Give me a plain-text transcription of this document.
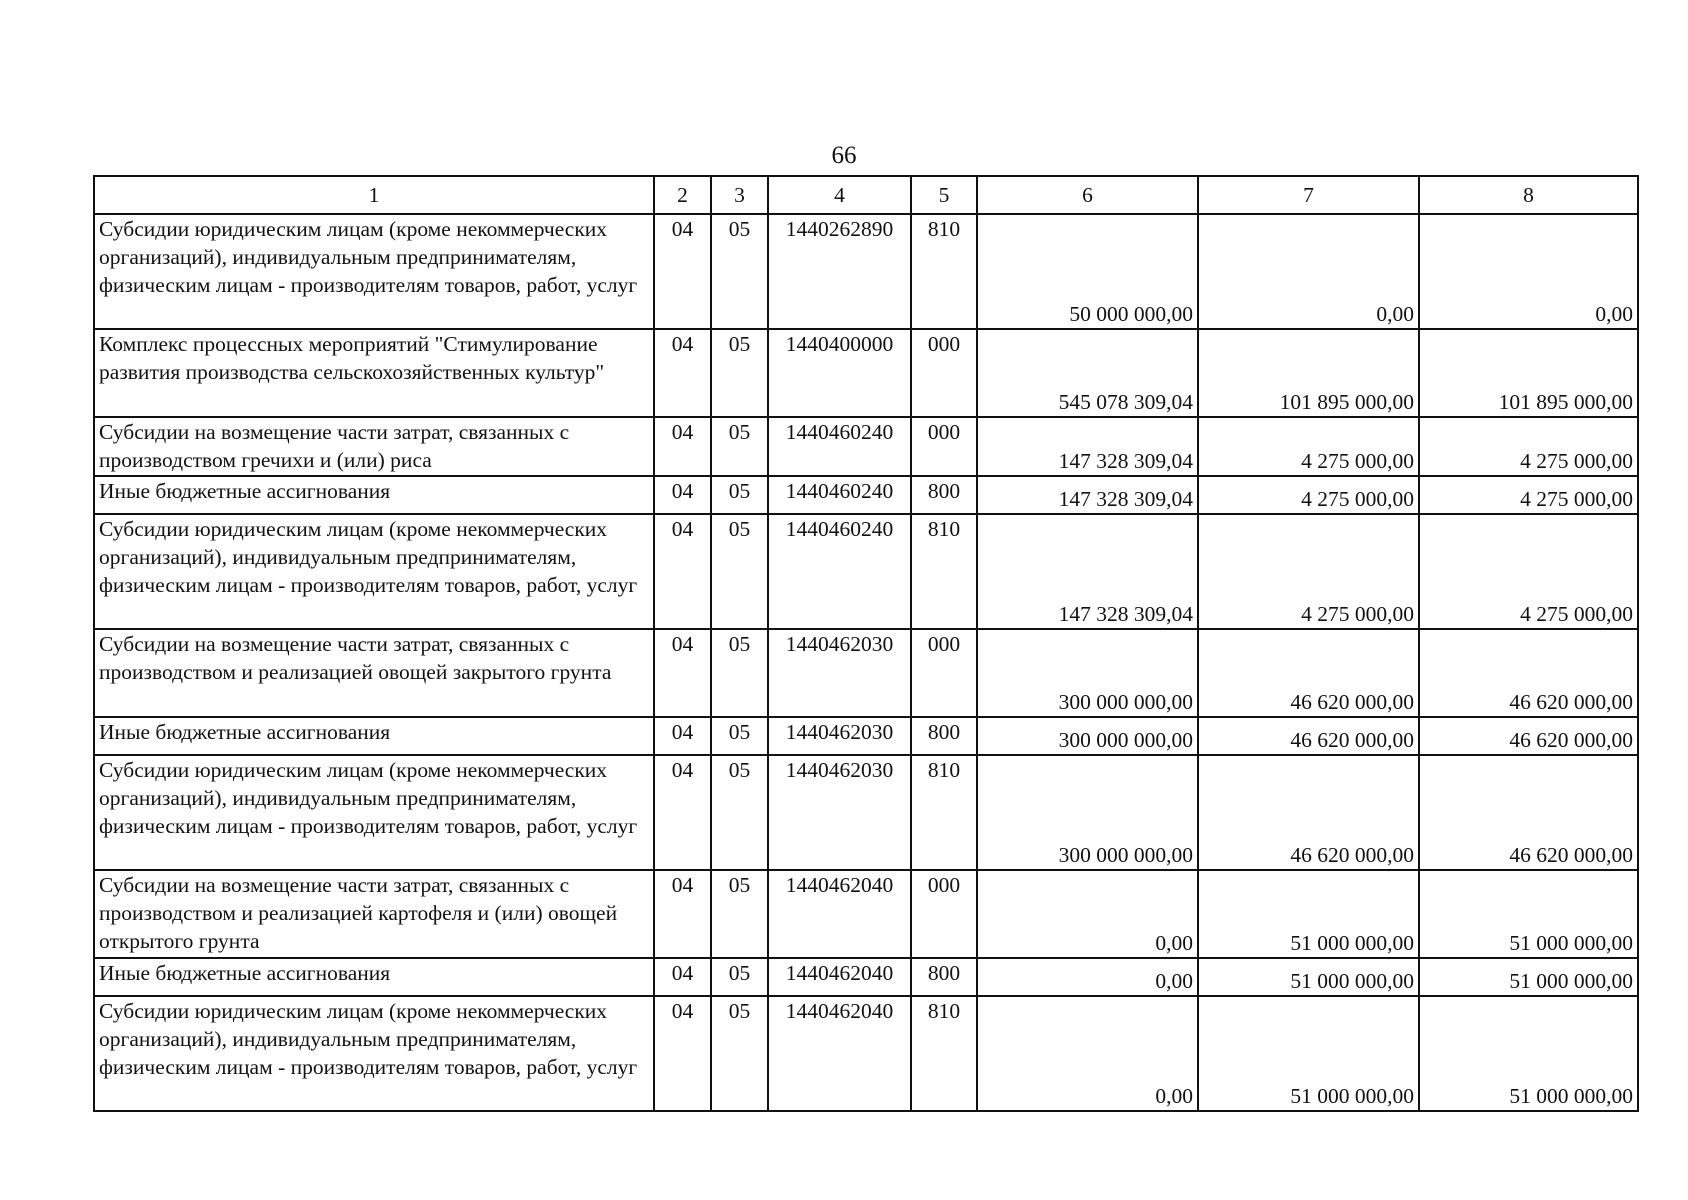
66
1	2	3	4	5	6	7	8
Субсидии юридическим лицам (кроме некоммерческих организаций), индивидуальным предпринимателям, физическим лицам - производителям товаров, работ, услуг	04	05	1440262890	810	50 000 000,00	0,00	0,00
Комплекс процессных мероприятий "Стимулирование развития производства сельскохозяйственных культур"	04	05	1440400000	000	545 078 309,04	101 895 000,00	101 895 000,00
Субсидии на возмещение части затрат, связанных с производством гречихи и (или) риса	04	05	1440460240	000	147 328 309,04	4 275 000,00	4 275 000,00
Иные бюджетные ассигнования	04	05	1440460240	800	147 328 309,04	4 275 000,00	4 275 000,00
Субсидии юридическим лицам (кроме некоммерческих организаций), индивидуальным предпринимателям, физическим лицам - производителям товаров, работ, услуг	04	05	1440460240	810	147 328 309,04	4 275 000,00	4 275 000,00
Субсидии на возмещение части затрат, связанных с производством и реализацией овощей закрытого грунта	04	05	1440462030	000	300 000 000,00	46 620 000,00	46 620 000,00
Иные бюджетные ассигнования	04	05	1440462030	800	300 000 000,00	46 620 000,00	46 620 000,00
Субсидии юридическим лицам (кроме некоммерческих организаций), индивидуальным предпринимателям, физическим лицам - производителям товаров, работ, услуг	04	05	1440462030	810	300 000 000,00	46 620 000,00	46 620 000,00
Субсидии на возмещение части затрат, связанных с производством и реализацией картофеля и (или) овощей открытого грунта	04	05	1440462040	000	0,00	51 000 000,00	51 000 000,00
Иные бюджетные ассигнования	04	05	1440462040	800	0,00	51 000 000,00	51 000 000,00
Субсидии юридическим лицам (кроме некоммерческих организаций), индивидуальным предпринимателям, физическим лицам - производителям товаров, работ, услуг	04	05	1440462040	810	0,00	51 000 000,00	51 000 000,00
